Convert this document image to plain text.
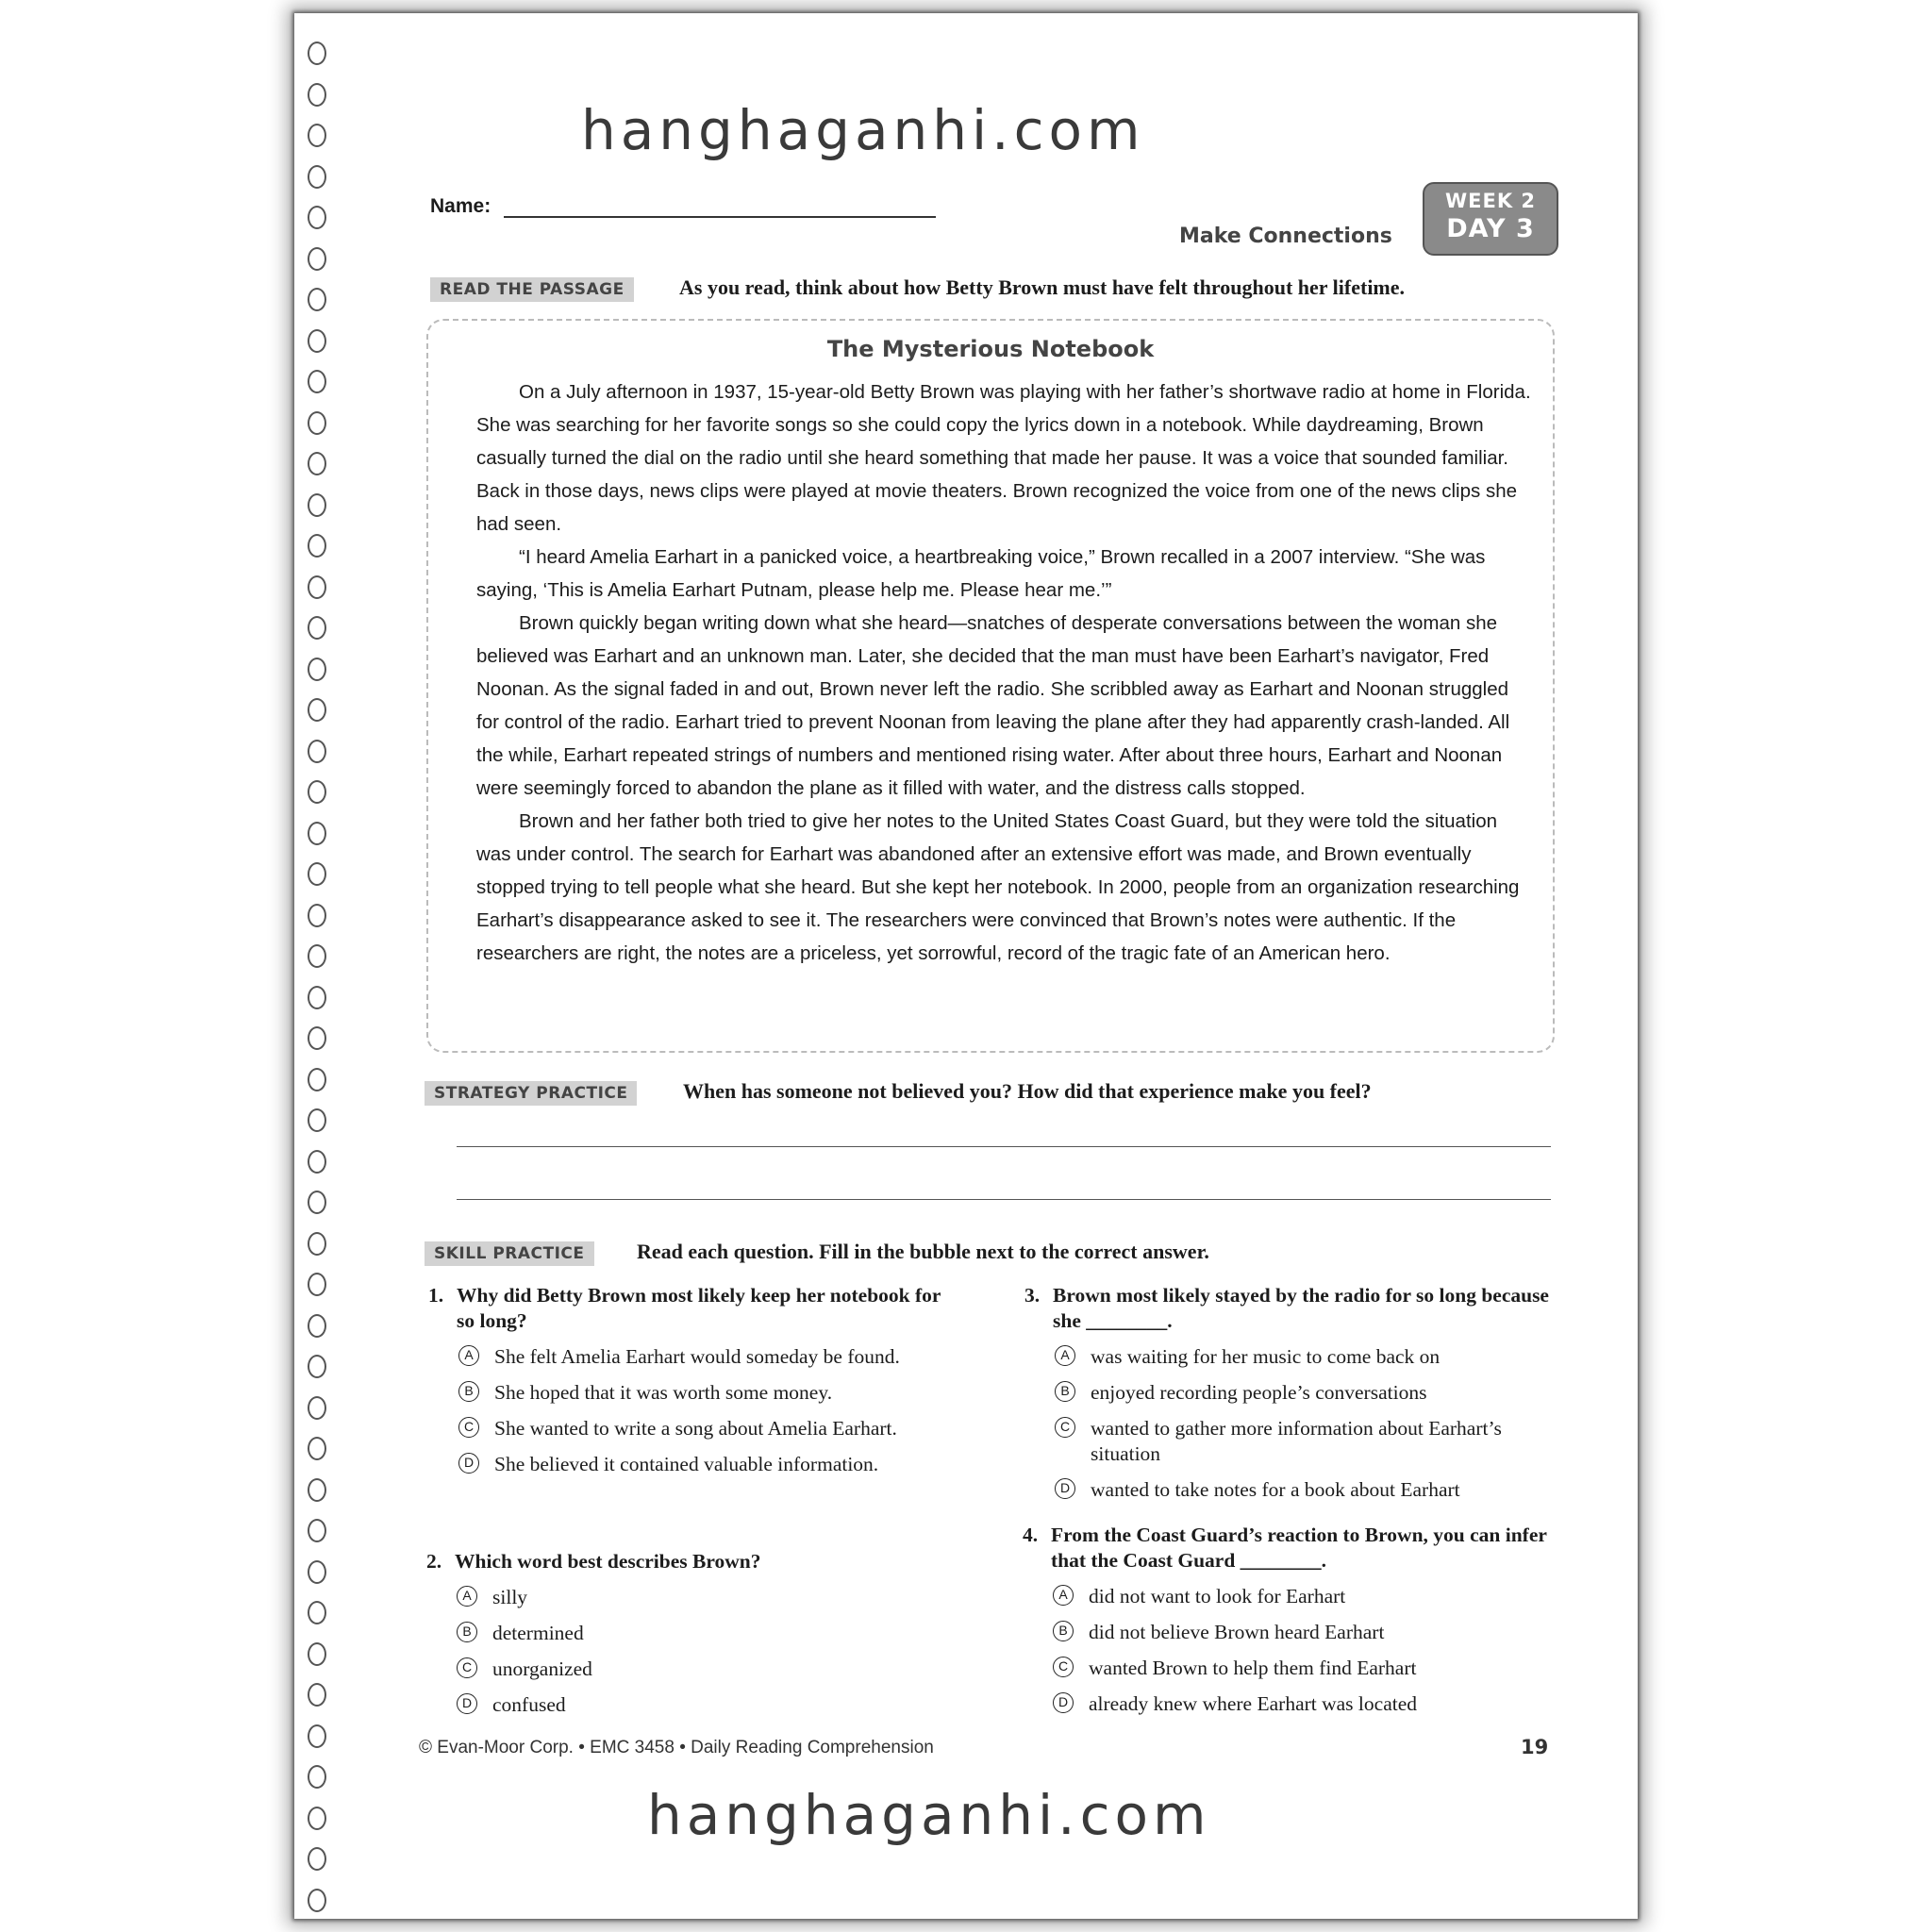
hanghaganhi.com
Name:
Make Connections
WEEK 2
DAY 3
READ THE PASSAGE	As you read, think about how Betty Brown must have felt throughout her lifetime.
The Mysterious Notebook

On a July afternoon in 1937, 15-year-old Betty Brown was playing with her father’s shortwave radio at home in Florida. She was searching for her favorite songs so she could copy the lyrics down in a notebook. While daydreaming, Brown casually turned the dial on the radio until she heard something that made her pause. It was a voice that sounded familiar. Back in those days, news clips were played at movie theaters. Brown recognized the voice from one of the news clips she had seen.

“I heard Amelia Earhart in a panicked voice, a heartbreaking voice,” Brown recalled in a 2007 interview. “She was saying, ‘This is Amelia Earhart Putnam, please help me. Please hear me.’”

Brown quickly began writing down what she heard—snatches of desperate conversations between the woman she believed was Earhart and an unknown man. Later, she decided that the man must have been Earhart’s navigator, Fred Noonan. As the signal faded in and out, Brown never left the radio. She scribbled away as Earhart and Noonan struggled for control of the radio. Earhart tried to prevent Noonan from leaving the plane after they had apparently crash-landed. All the while, Earhart repeated strings of numbers and mentioned rising water. After about three hours, Earhart and Noonan were seemingly forced to abandon the plane as it filled with water, and the distress calls stopped.

Brown and her father both tried to give her notes to the United States Coast Guard, but they were told the situation was under control. The search for Earhart was abandoned after an extensive effort was made, and Brown eventually stopped trying to tell people what she heard. But she kept her notebook. In 2000, people from an organization researching Earhart’s disappearance asked to see it. The researchers were convinced that Brown’s notes were authentic. If the researchers are right, the notes are a priceless, yet sorrowful, record of the tragic fate of an American hero.

STRATEGY PRACTICE	When has someone not believed you? How did that experience make you feel?
SKILL PRACTICE	Read each question. Fill in the bubble next to the correct answer.
1. Why did Betty Brown most likely keep her notebook for so long?
A She felt Amelia Earhart would someday be found.
B She hoped that it was worth some money.
C She wanted to write a song about Amelia Earhart.
D She believed it contained valuable information.
2. Which word best describes Brown?
A silly
B determined
C unorganized
D confused
3. Brown most likely stayed by the radio for so long because she ________.
A was waiting for her music to come back on
B enjoyed recording people’s conversations
C wanted to gather more information about Earhart’s situation
D wanted to take notes for a book about Earhart
4. From the Coast Guard’s reaction to Brown, you can infer that the Coast Guard ________.
A did not want to look for Earhart
B did not believe Brown heard Earhart
C wanted Brown to help them find Earhart
D already knew where Earhart was located
© Evan-Moor Corp. • EMC 3458 • Daily Reading Comprehension	19
hanghaganhi.com
